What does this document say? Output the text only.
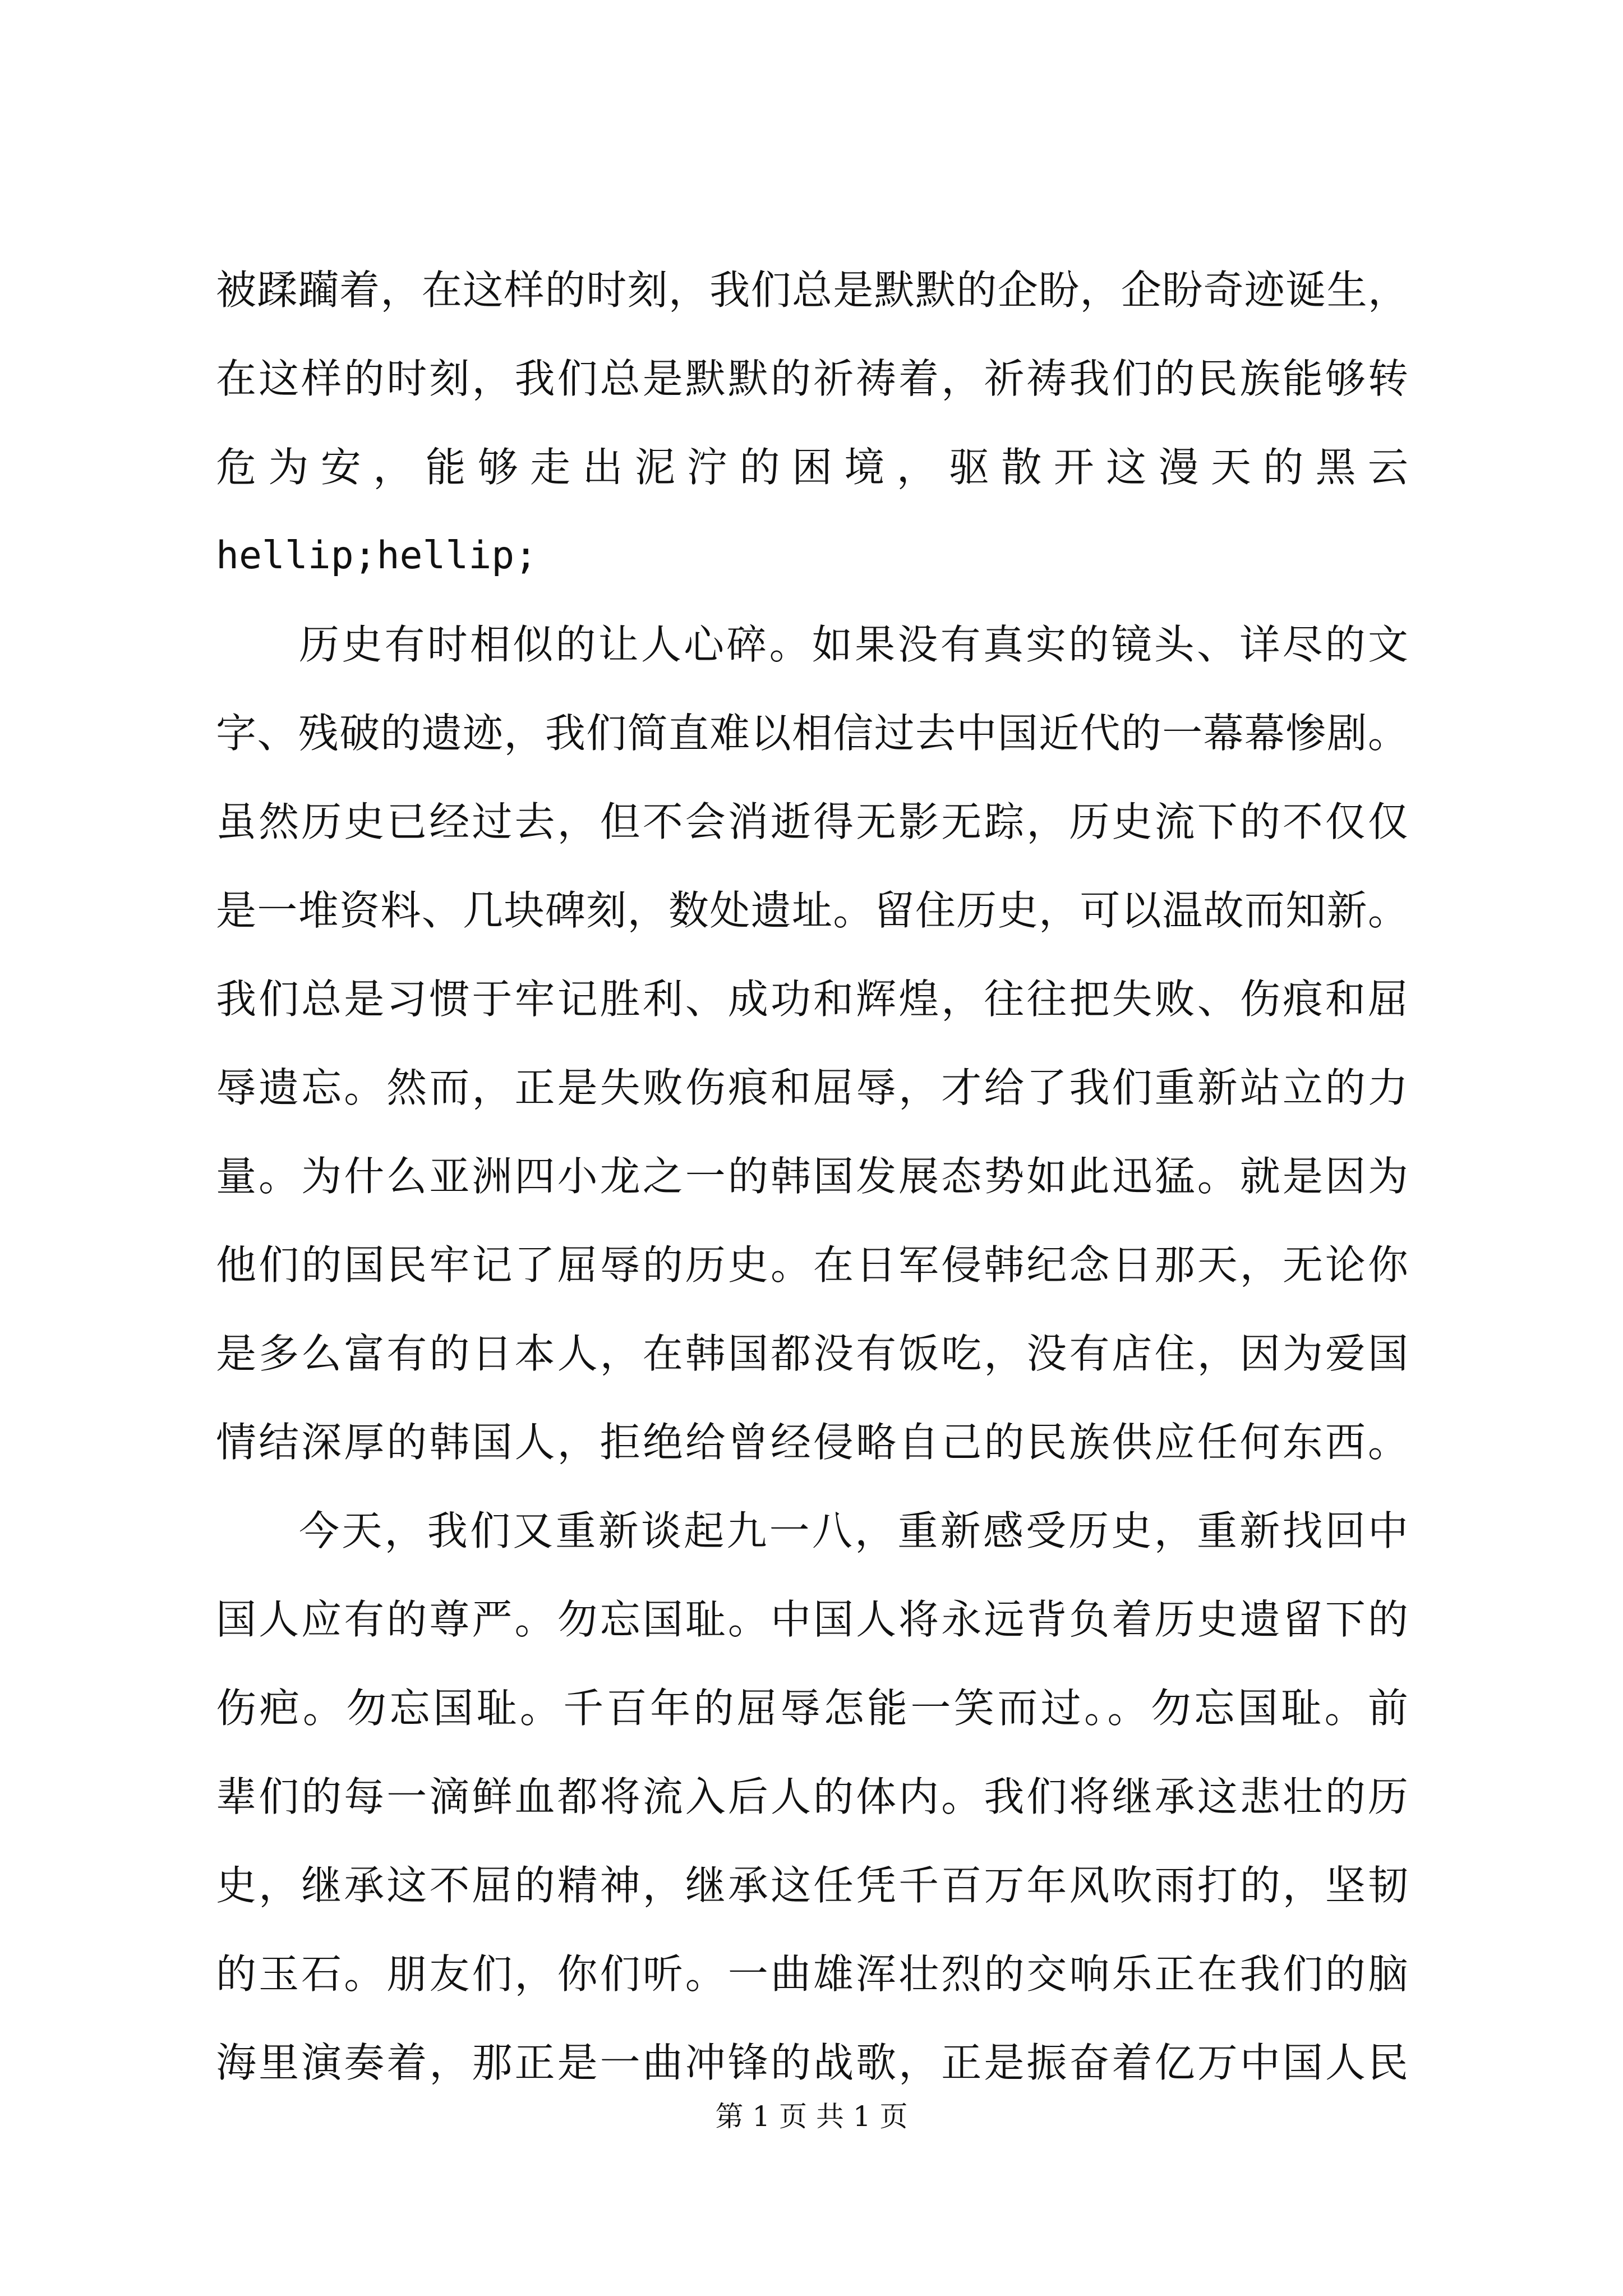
被蹂躏着，在这样的时刻，我们总是默默的企盼，企盼奇迹诞生，
在这样的时刻，我们总是默默的祈祷着，祈祷我们的民族能够转
危为安，能够走出泥泞的困境，驱散开这漫天的黑云
hellip;hellip;
历史有时相似的让人心碎。如果没有真实的镜头、详尽的文
字、残破的遗迹，我们简直难以相信过去中国近代的一幕幕惨剧。
虽然历史已经过去，但不会消逝得无影无踪，历史流下的不仅仅
是一堆资料、几块碑刻，数处遗址。留住历史，可以温故而知新。
我们总是习惯于牢记胜利、成功和辉煌，往往把失败、伤痕和屈
辱遗忘。然而，正是失败伤痕和屈辱，才给了我们重新站立的力
量。为什么亚洲四小龙之一的韩国发展态势如此迅猛。就是因为
他们的国民牢记了屈辱的历史。在日军侵韩纪念日那天，无论你
是多么富有的日本人，在韩国都没有饭吃，没有店住，因为爱国
情结深厚的韩国人，拒绝给曾经侵略自己的民族供应任何东西。
今天，我们又重新谈起九一八，重新感受历史，重新找回中
国人应有的尊严。勿忘国耻。中国人将永远背负着历史遗留下的
伤疤。勿忘国耻。千百年的屈辱怎能一笑而过。。勿忘国耻。前
辈们的每一滴鲜血都将流入后人的体内。我们将继承这悲壮的历
史，继承这不屈的精神，继承这任凭千百万年风吹雨打的，坚韧
的玉石。朋友们，你们听。一曲雄浑壮烈的交响乐正在我们的脑
海里演奏着，那正是一曲冲锋的战歌，正是振奋着亿万中国人民
第 1 页 共 1 页
